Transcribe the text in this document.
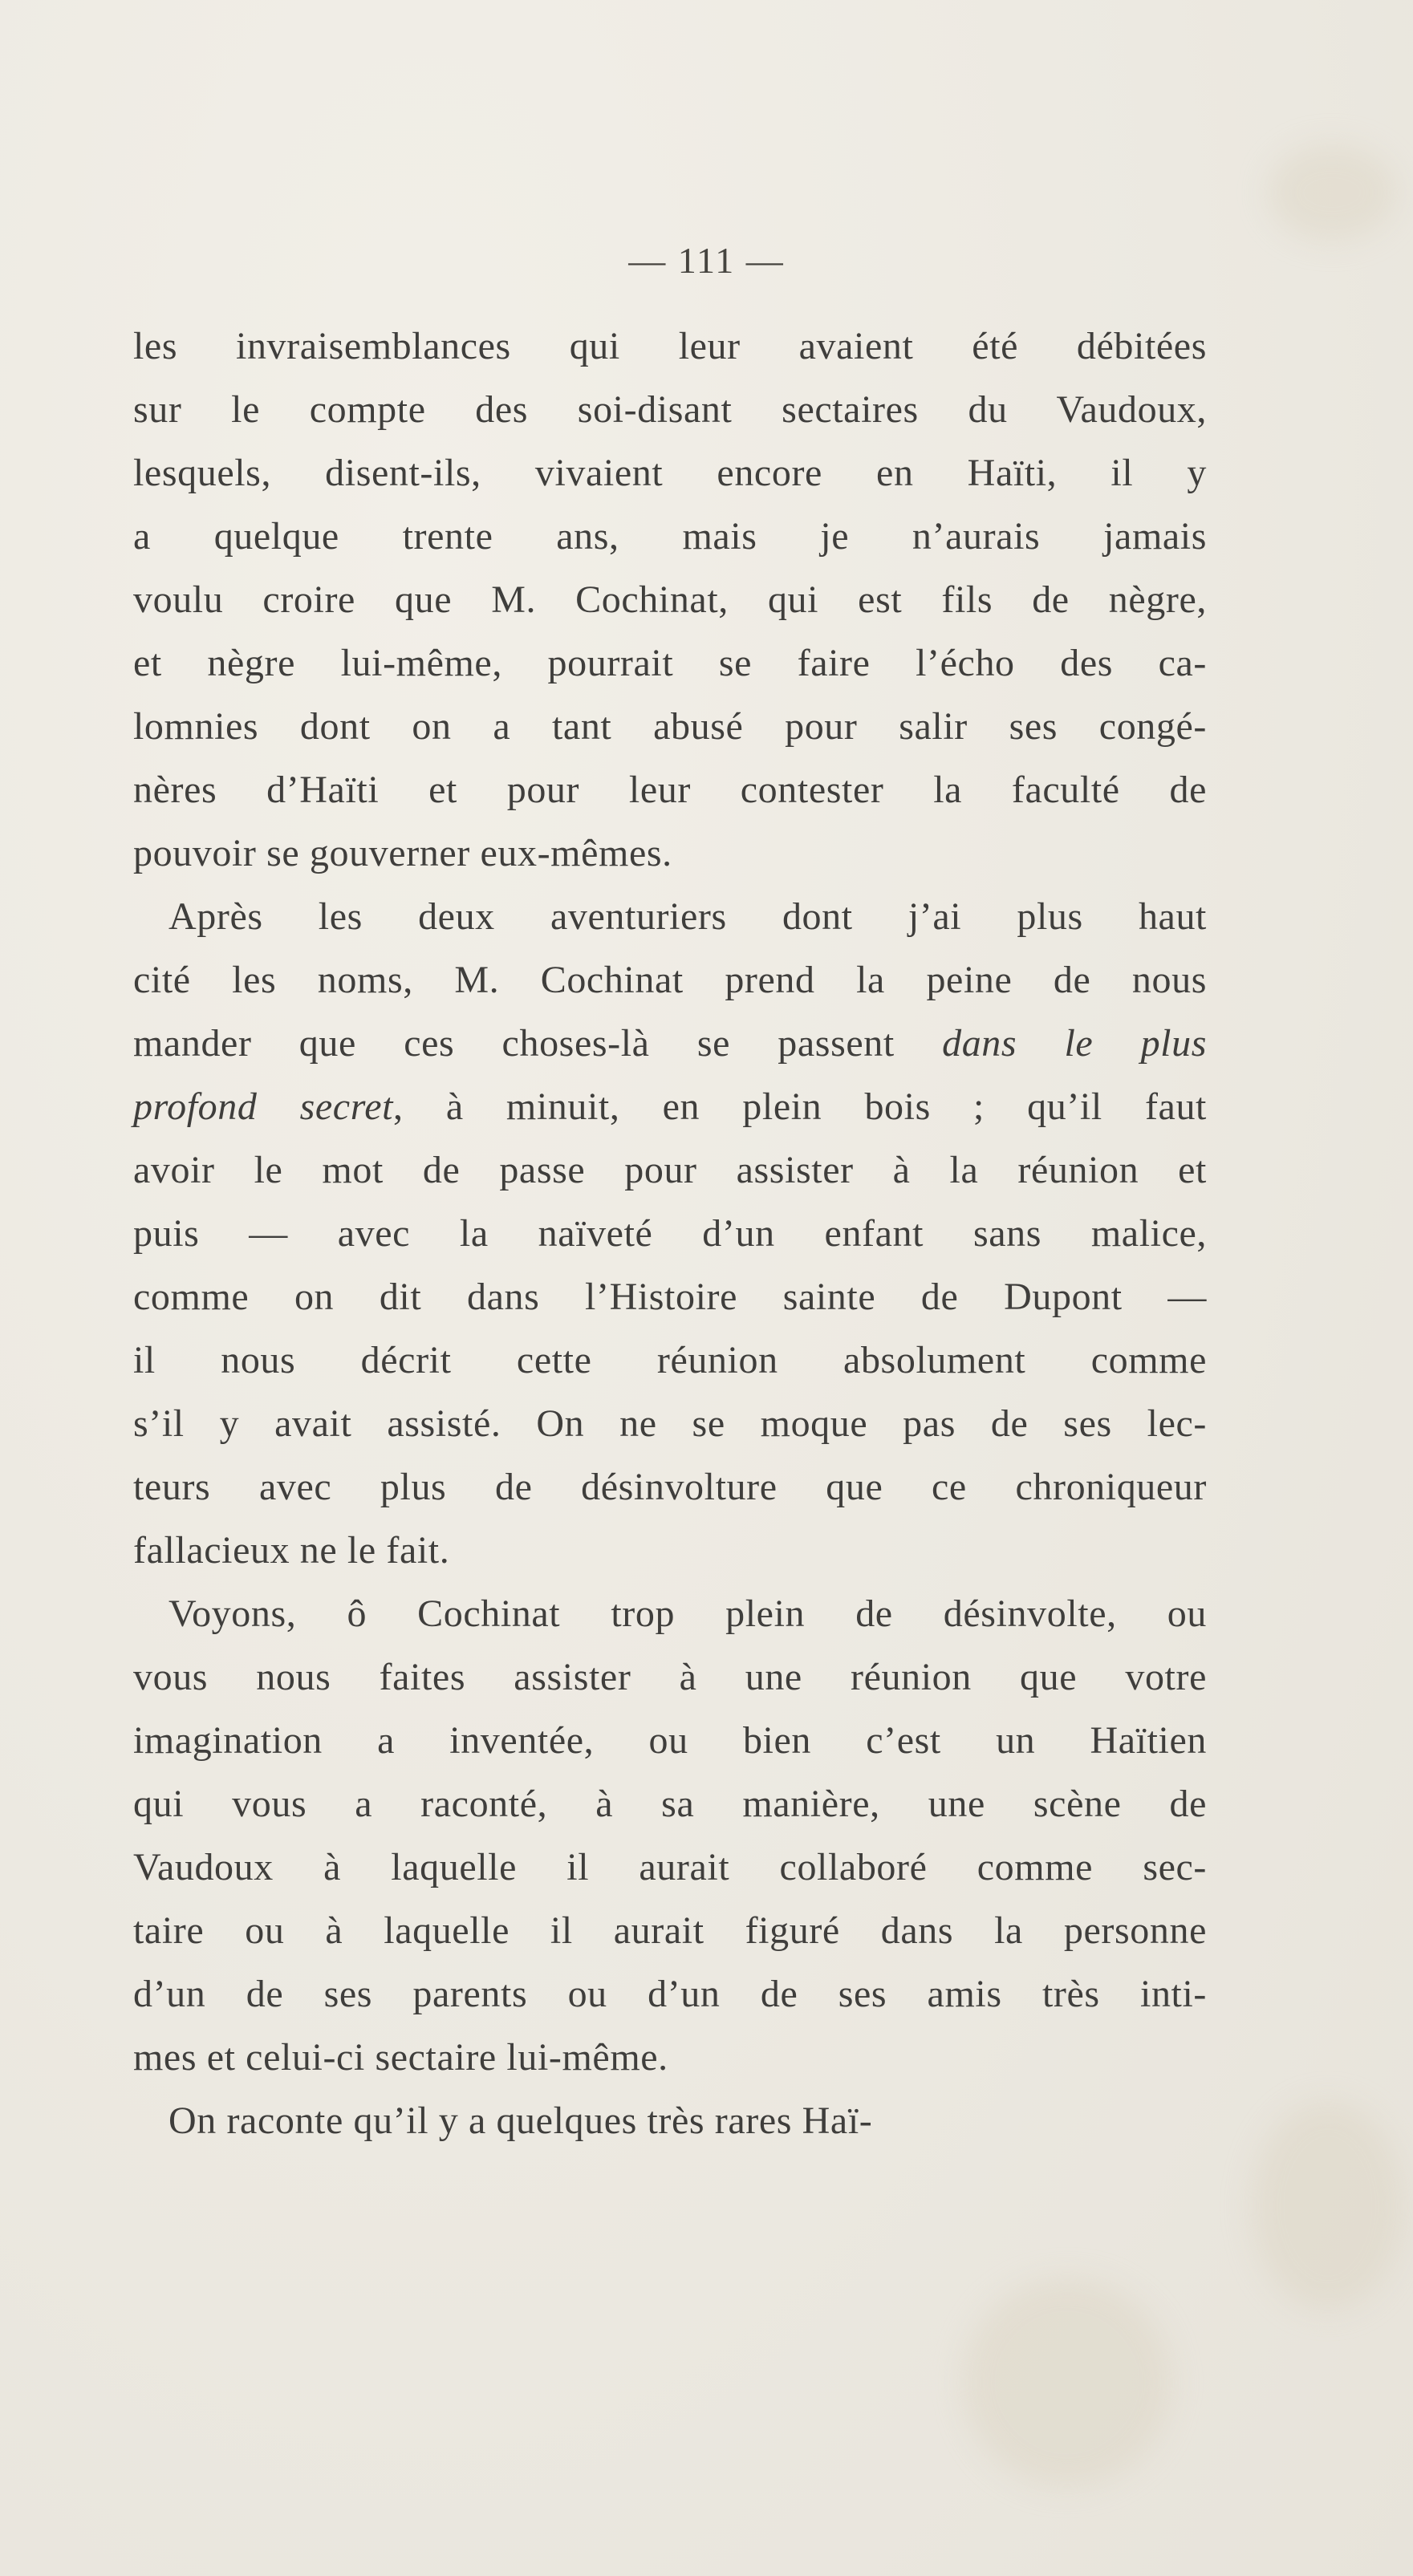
— 111 —
les invraisemblances qui leur avaient été débitées
sur le compte des soi-disant sectaires du Vaudoux,
lesquels, disent-ils, vivaient encore en Haïti, il y
a quelque trente ans, mais je n’aurais jamais
voulu croire que M. Cochinat, qui est fils de nègre,
et nègre lui-même, pourrait se faire l’écho des ca-
lomnies dont on a tant abusé pour salir ses congé-
nères d’Haïti et pour leur contester la faculté de
pouvoir se gouverner eux-mêmes.
Après les deux aventuriers dont j’ai plus haut
cité les noms, M. Cochinat prend la peine de nous
mander que ces choses-là se passent dans le plus
profond secret, à minuit, en plein bois ; qu’il faut
avoir le mot de passe pour assister à la réunion et
puis — avec la naïveté d’un enfant sans malice,
comme on dit dans l’Histoire sainte de Dupont —
il nous décrit cette réunion absolument comme
s’il y avait assisté. On ne se moque pas de ses lec-
teurs avec plus de désinvolture que ce chroniqueur
fallacieux ne le fait.
Voyons, ô Cochinat trop plein de désinvolte, ou
vous nous faites assister à une réunion que votre
imagination a inventée, ou bien c’est un Haïtien
qui vous a raconté, à sa manière, une scène de
Vaudoux à laquelle il aurait collaboré comme sec-
taire ou à laquelle il aurait figuré dans la personne
d’un de ses parents ou d’un de ses amis très inti-
mes et celui-ci sectaire lui-même.
On raconte qu’il y a quelques très rares Haï-
